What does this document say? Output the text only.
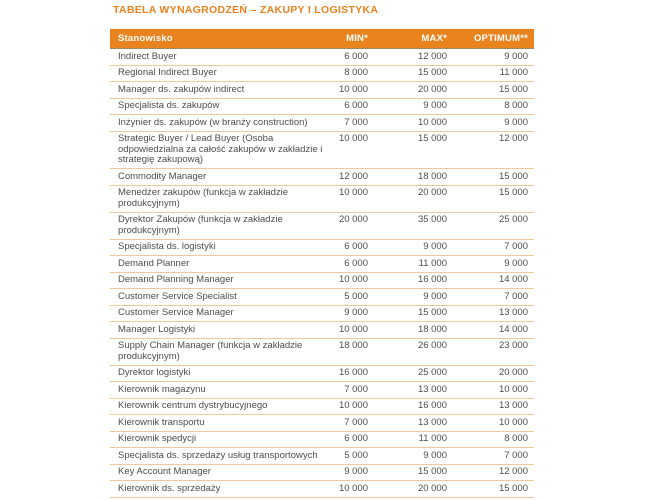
TABELA WYNAGRODZEŃ – ZAKUPY I LOGISTYKA
Stanowisko	MIN*	MAX*	OPTIMUM**
Indirect Buyer	6 000	12 000	9 000
Regional Indirect Buyer	8 000	15 000	11 000
Manager ds. zakupów indirect	10 000	20 000	15 000
Specjalista ds. zakupów	6 000	9 000	8 000
Inżynier ds. zakupów (w branży construction)	7 000	10 000	9 000
Strategic Buyer / Lead Buyer (Osoba odpowiedzialna za całość zakupów w zakładzie i strategię zakupową)	10 000	15 000	12 000
Commodity Manager	12 000	18 000	15 000
Menedżer zakupów (funkcja w zakładzie produkcyjnym)	10 000	20 000	15 000
Dyrektor Zakupów (funkcja w zakładzie produkcyjnym)	20 000	35 000	25 000
Specjalista ds. logistyki	6 000	9 000	7 000
Demand Planner	6 000	11 000	9 000
Demand Planning Manager	10 000	16 000	14 000
Customer Service Specialist	5 000	9 000	7 000
Customer Service Manager	9 000	15 000	13 000
Manager Logistyki	10 000	18 000	14 000
Supply Chain Manager (funkcja w zakładzie produkcyjnym)	18 000	26 000	23 000
Dyrektor logistyki	16 000	25 000	20 000
Kierownik magazynu	7 000	13 000	10 000
Kierownik centrum dystrybucyjnego	10 000	16 000	13 000
Kierownik transportu	7 000	13 000	10 000
Kierownik spedycji	6 000	11 000	8 000
Specjalista ds. sprzedaży usług transportowych	5 000	9 000	7 000
Key Account Manager	9 000	15 000	12 000
Kierownik ds. sprzedaży	10 000	20 000	15 000
